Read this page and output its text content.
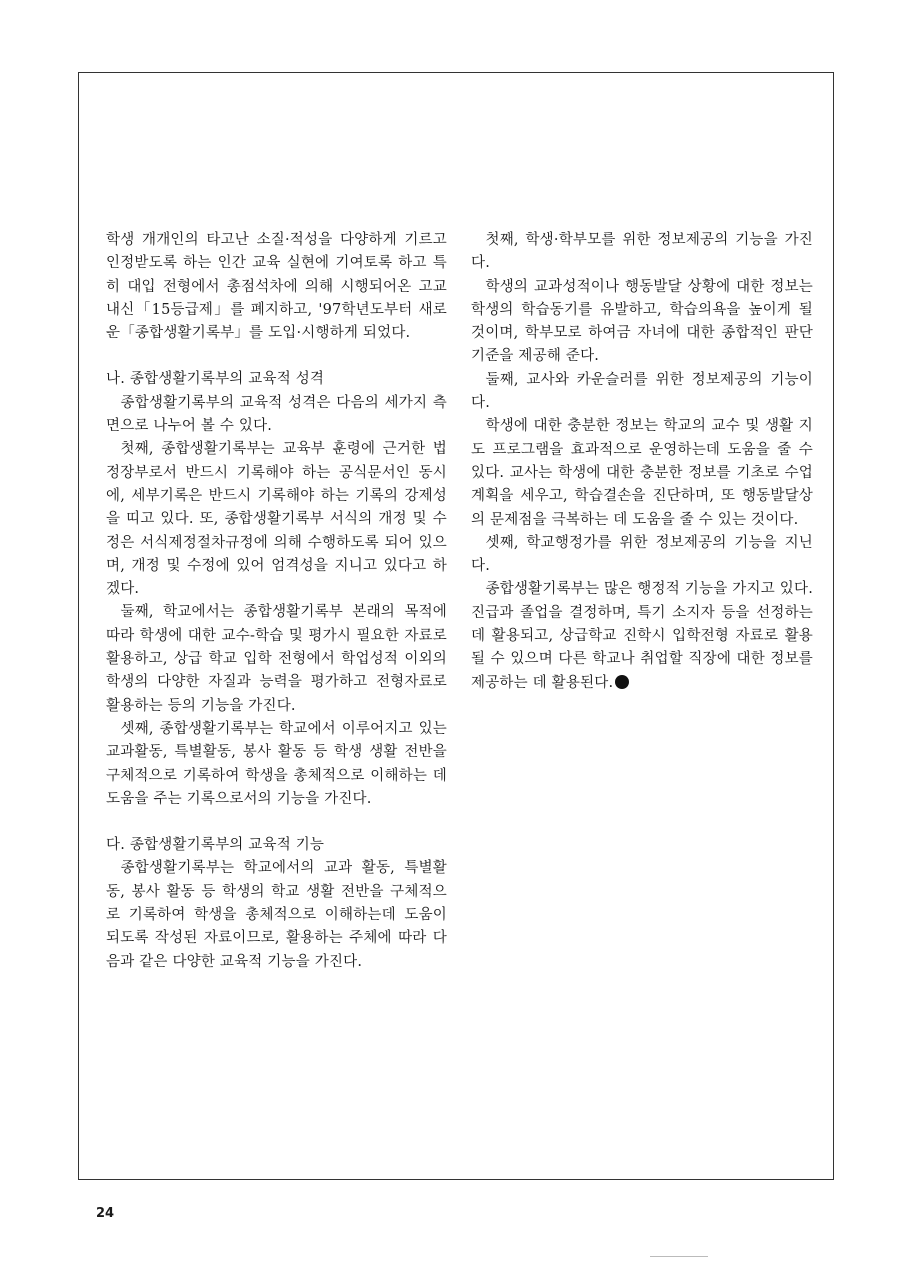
학생 개개인의 타고난 소질·적성을 다양하게 기르고 인정받도록 하는 인간 교육 실현에 기여토록 하고 특히 대입 전형에서 총점석차에 의해 시행되어온 고교내신「15등급제」를 폐지하고, '97학년도부터 새로운「종합생활기록부」를 도입·시행하게 되었다.

나. 종합생활기록부의 교육적 성격

종합생활기록부의 교육적 성격은 다음의 세가지 측면으로 나누어 볼 수 있다.

첫째, 종합생활기록부는 교육부 훈령에 근거한 법정장부로서 반드시 기록해야 하는 공식문서인 동시에, 세부기록은 반드시 기록해야 하는 기록의 강제성을 띠고 있다. 또, 종합생활기록부 서식의 개정 및 수정은 서식제정절차규정에 의해 수행하도록 되어 있으며, 개정 및 수정에 있어 엄격성을 지니고 있다고 하겠다.

둘째, 학교에서는 종합생활기록부 본래의 목적에 따라 학생에 대한 교수-학습 및 평가시 필요한 자료로 활용하고, 상급 학교 입학 전형에서 학업성적 이외의 학생의 다양한 자질과 능력을 평가하고 전형자료로 활용하는 등의 기능을 가진다.

셋째, 종합생활기록부는 학교에서 이루어지고 있는 교과활동, 특별활동, 봉사 활동 등 학생 생활 전반을 구체적으로 기록하여 학생을 총체적으로 이해하는 데 도움을 주는 기록으로서의 기능을 가진다.

다. 종합생활기록부의 교육적 기능

종합생활기록부는 학교에서의 교과 활동, 특별활동, 봉사 활동 등 학생의 학교 생활 전반을 구체적으로 기록하여 학생을 총체적으로 이해하는데 도움이 되도록 작성된 자료이므로, 활용하는 주체에 따라 다음과 같은 다양한 교육적 기능을 가진다.

첫째, 학생·학부모를 위한 정보제공의 기능을 가진다.

학생의 교과성적이나 행동발달 상황에 대한 정보는 학생의 학습동기를 유발하고, 학습의욕을 높이게 될 것이며, 학부모로 하여금 자녀에 대한 종합적인 판단 기준을 제공해 준다.

둘째, 교사와 카운슬러를 위한 정보제공의 기능이다.

학생에 대한 충분한 정보는 학교의 교수 및 생활 지도 프로그램을 효과적으로 운영하는데 도움을 줄 수 있다. 교사는 학생에 대한 충분한 정보를 기초로 수업계획을 세우고, 학습결손을 진단하며, 또 행동발달상의 문제점을 극복하는 데 도움을 줄 수 있는 것이다.

셋째, 학교행정가를 위한 정보제공의 기능을 지닌다.

종합생활기록부는 많은 행정적 기능을 가지고 있다. 진급과 졸업을 결정하며, 특기 소지자 등을 선정하는 데 활용되고, 상급학교 진학시 입학전형 자료로 활용될 수 있으며 다른 학교나 취업할 직장에 대한 정보를 제공하는 데 활용된다.

24
